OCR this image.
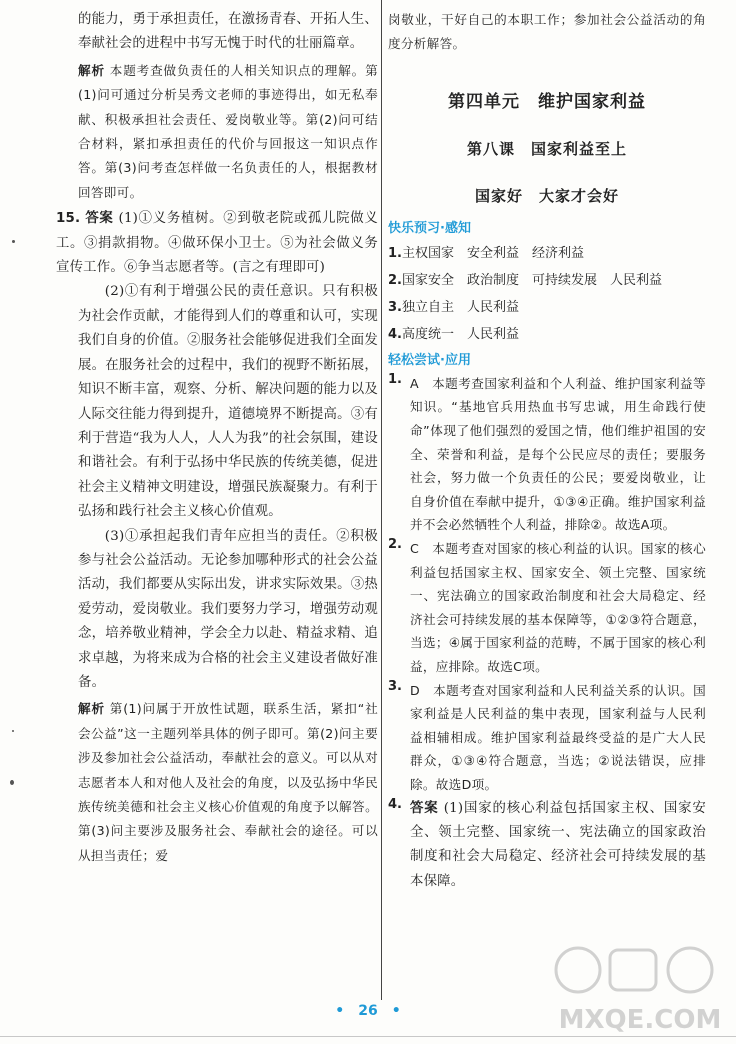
的能力，勇于承担责任，在激扬青春、开拓人生、奉献社会的进程中书写无愧于时代的壮丽篇章。

解析 本题考查做负责任的人相关知识点的理解。第(1)问可通过分析吴秀文老师的事迹得出，如无私奉献、积极承担社会责任、爱岗敬业等。第(2)问可结合材料，紧扣承担责任的代价与回报这一知识点作答。第(3)问考查怎样做一名负责任的人，根据教材回答即可。

15. 答案 (1)①义务植树。②到敬老院或孤儿院做义工。③捐款捐物。④做环保小卫士。⑤为社会做义务宣传工作。⑥争当志愿者等。(言之有理即可)

(2)①有利于增强公民的责任意识。只有积极为社会作贡献，才能得到人们的尊重和认可，实现我们自身的价值。②服务社会能够促进我们全面发展。在服务社会的过程中，我们的视野不断拓展，知识不断丰富，观察、分析、解决问题的能力以及人际交往能力得到提升，道德境界不断提高。③有利于营造“我为人人，人人为我”的社会氛围，建设和谐社会。有利于弘扬中华民族的传统美德，促进社会主义精神文明建设，增强民族凝聚力。有利于弘扬和践行社会主义核心价值观。

(3)①承担起我们青年应担当的责任。②积极参与社会公益活动。无论参加哪种形式的社会公益活动，我们都要从实际出发，讲求实际效果。③热爱劳动，爱岗敬业。我们要努力学习，增强劳动观念，培养敬业精神，学会全力以赴、精益求精、追求卓越，为将来成为合格的社会主义建设者做好准备。

解析 第(1)问属于开放性试题，联系生活，紧扣“社会公益”这一主题列举具体的例子即可。第(2)问主要涉及参加社会公益活动，奉献社会的意义。可以从对志愿者本人和对他人及社会的角度，以及弘扬中华民族传统美德和社会主义核心价值观的角度予以解答。第(3)问主要涉及服务社会、奉献社会的途径。可以从担当责任；爱

岗敬业，干好自己的本职工作；参加社会公益活动的角度分析解答。

第四单元　维护国家利益
第八课　国家利益至上
国家好　大家才会好
快乐预习·感知
1.主权国家　安全利益　经济利益
2.国家安全　政治制度　可持续发展　人民利益
3.独立自主　人民利益
4.高度统一　人民利益
轻松尝试·应用
1. A　本题考查国家利益和个人利益、维护国家利益等知识。“基地官兵用热血书写忠诚，用生命践行使命”体现了他们强烈的爱国之情，他们维护祖国的安全、荣誉和利益，是每个公民应尽的责任；要服务社会，努力做一个负责任的公民；要爱岗敬业，让自身价值在奉献中提升，①③④正确。维护国家利益并不会必然牺牲个人利益，排除②。故选A项。

2. C　本题考查对国家的核心利益的认识。国家的核心利益包括国家主权、国家安全、领土完整、国家统一、宪法确立的国家政治制度和社会大局稳定、经济社会可持续发展的基本保障等，①②③符合题意，当选；④属于国家利益的范畴，不属于国家的核心利益，应排除。故选C项。

3. D　本题考查对国家利益和人民利益关系的认识。国家利益是人民利益的集中表现，国家利益与人民利益相辅相成。维护国家利益最终受益的是广大人民群众，①③④符合题意，当选；②说法错误，应排除。故选D项。

4. 答案 (1)国家的核心利益包括国家主权、国家安全、领土完整、国家统一、宪法确立的国家政治制度和社会大局稳定、经济社会可持续发展的基本保障。

• 26 •	MXQE.COM
